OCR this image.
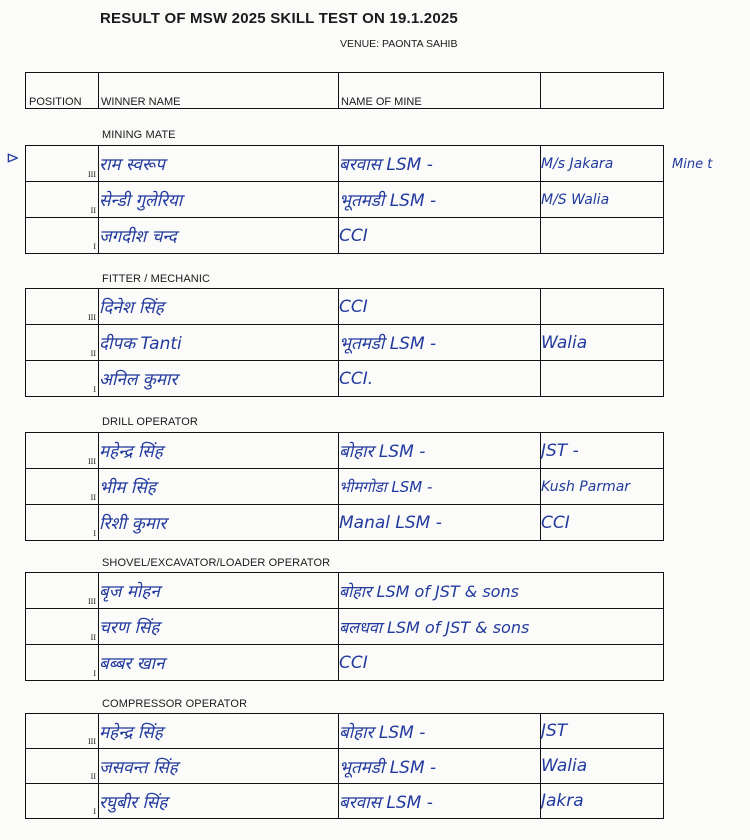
RESULT OF MSW 2025 SKILL TEST ON 19.1.2025
VENUE: PAONTA SAHIB
POSITION	WINNER NAME	NAME OF MINE	
⊳
MINING MATE
III	राम स्वरूप	बरवास LSM -	M/s Jakara

II	सेन्डी गुलेरिया	भूतमडी LSM -	M/S Walia

I	जगदीश चन्द	CCI	
Mine t
FITTER / MECHANIC
III	दिनेश सिंह	CCI	

II	दीपक Tanti	भूतमडी LSM -	Walia

I	अनिल कुमार	CCI.	
DRILL OPERATOR
III	महेन्द्र सिंह	बोहार LSM -	JST -

II	भीम सिंह	भीमगोडा LSM -	Kush Parmar

I	रिशी कुमार	Manal LSM -	CCI
SHOVEL/EXCAVATOR/LOADER OPERATOR
III	बृज मोहन	बोहार LSM of JST & sons

II	चरण सिंह	बलधवा LSM of JST & sons

I	बब्बर खान	CCI
COMPRESSOR OPERATOR
III	महेन्द्र सिंह	बोहार LSM -	JST

II	जसवन्त सिंह	भूतमडी LSM -	Walia

I	रघुबीर सिंह	बरवास LSM -	Jakra
